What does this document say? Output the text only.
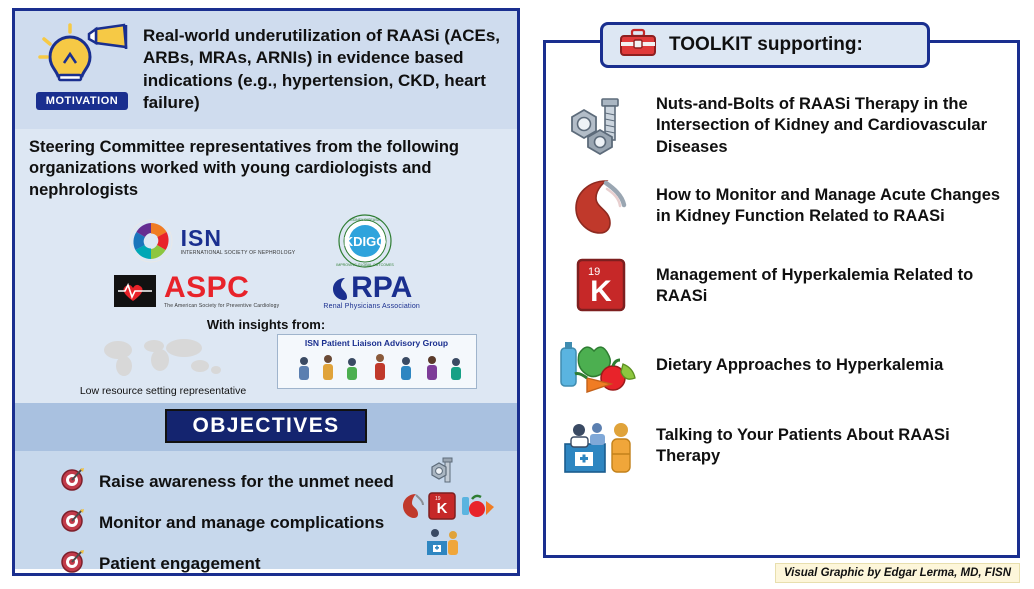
MOTIVATION
Real-world underutilization of RAASi (ACEs, ARBs, MRAs, ARNIs) in evidence based indications (e.g., hypertension, CKD, heart failure)
Steering Committee representatives from the following organizations worked with young cardiologists and nephrologists
ISN
INTERNATIONAL SOCIETY OF NEPHROLOGY
KDIGO
KIDNEY DISEASE
IMPROVING GLOBAL OUTCOMES
ASPC
The American Society for Preventive Cardiology
RPA
Renal Physicians Association
With insights from:
Low resource setting representative
ISN Patient Liaison Advisory Group
OBJECTIVES
Raise awareness for the unmet need
Monitor and manage complications
Patient engagement
K
19
Nuts-and-Bolts of RAASi Therapy in the Intersection of Kidney and Cardiovascular Diseases
How to Monitor and Manage Acute Changes in Kidney Function Related to RAASi
19
K
Management of Hyperkalemia Related to RAASi
Dietary Approaches to Hyperkalemia
Talking to Your Patients About RAASi Therapy
TOOLKIT supporting:
Visual Graphic by Edgar Lerma, MD, FISN
